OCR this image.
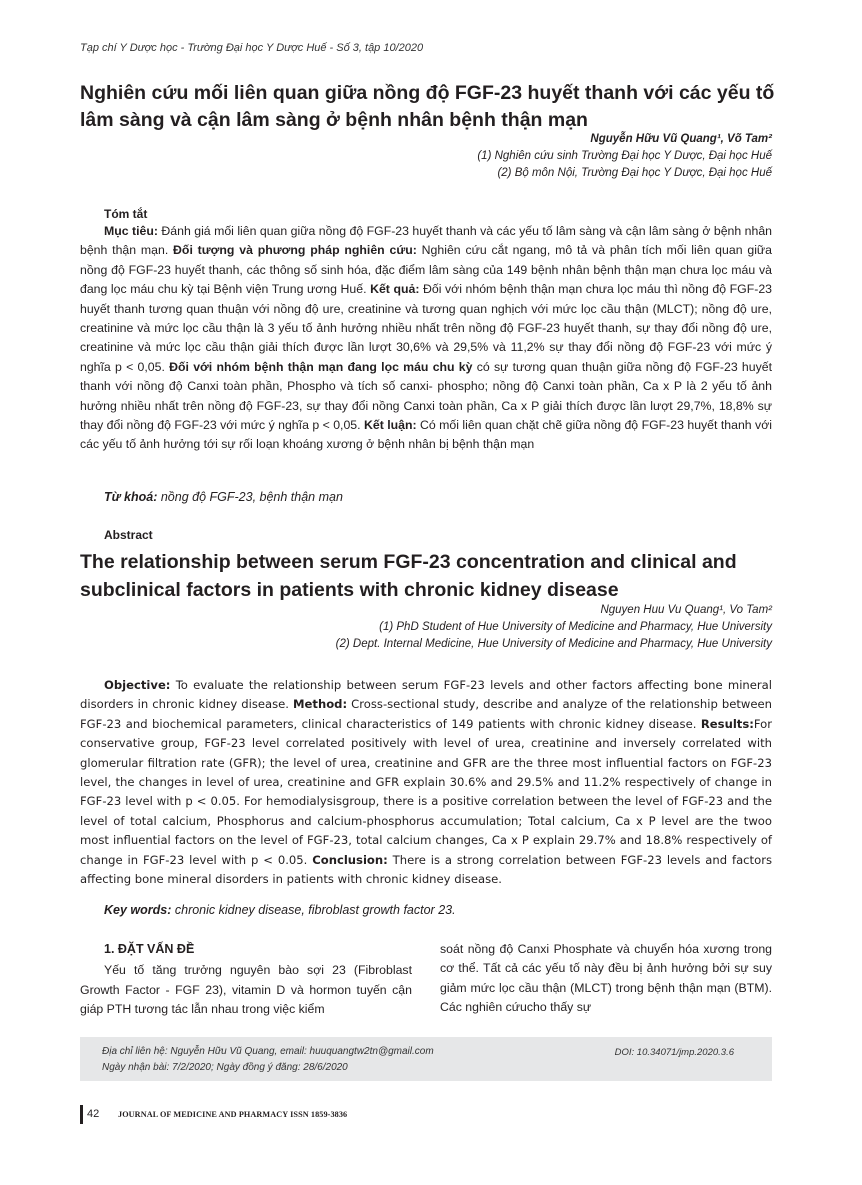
Tạp chí Y Dược học - Trường Đại học Y Dược Huế - Số 3, tập 10/2020
Nghiên cứu mối liên quan giữa nồng độ FGF-23 huyết thanh với các yếu tố lâm sàng và cận lâm sàng ở bệnh nhân bệnh thận mạn
Nguyễn Hữu Vũ Quang¹, Võ Tam²
(1) Nghiên cứu sinh Trường Đại học Y Dược, Đại học Huế
(2) Bộ môn Nội, Trường Đại học Y Dược, Đại học Huế
Tóm tắt
Mục tiêu: Đánh giá mối liên quan giữa nồng độ FGF-23 huyết thanh và các yếu tố lâm sàng và cận lâm sàng ở bệnh nhân bệnh thận mạn. Đối tượng và phương pháp nghiên cứu: Nghiên cứu cắt ngang, mô tả và phân tích mối liên quan giữa nồng độ FGF-23 huyết thanh, các thông số sinh hóa, đặc điểm lâm sàng của 149 bệnh nhân bệnh thận mạn chưa lọc máu và đang lọc máu chu kỳ tại Bệnh viện Trung ương Huế. Kết quả: Đối với nhóm bệnh thận mạn chưa lọc máu thì nồng độ FGF-23 huyết thanh tương quan thuận với nồng độ ure, creatinine và tương quan nghịch với mức lọc cầu thận (MLCT); nồng độ ure, creatinine và mức lọc cầu thận là 3 yếu tố ảnh hưởng nhiều nhất trên nồng độ FGF-23 huyết thanh, sự thay đổi nồng độ ure, creatinine và mức lọc cầu thận giải thích được lần lượt 30,6% và 29,5% và 11,2% sự thay đổi nồng độ FGF-23 với mức ý nghĩa p < 0,05. Đối với nhóm bệnh thận mạn đang lọc máu chu kỳ có sự tương quan thuận giữa nồng độ FGF-23 huyết thanh với nồng độ Canxi toàn phần, Phospho và tích số canxi- phospho; nồng độ Canxi toàn phần, Ca x P là 2 yếu tố ảnh hưởng nhiều nhất trên nồng độ FGF-23, sự thay đổi nồng Canxi toàn phần, Ca x P giải thích được lần lượt 29,7%, 18,8% sự thay đổi nồng độ FGF-23 với mức ý nghĩa p < 0,05. Kết luận: Có mối liên quan chặt chẽ giữa nồng độ FGF-23 huyết thanh với các yếu tố ảnh hưởng tới sự rối loạn khoáng xương ở bệnh nhân bị bệnh thận mạn
Từ khoá: nồng độ FGF-23, bệnh thận mạn
Abstract
The relationship between serum FGF-23 concentration and clinical and subclinical factors in patients with chronic kidney disease
Nguyen Huu Vu Quang¹, Vo Tam²
(1) PhD Student of Hue University of Medicine and Pharmacy, Hue University
(2) Dept. Internal Medicine, Hue University of Medicine and Pharmacy, Hue University
Objective: To evaluate the relationship between serum FGF-23 levels and other factors affecting bone mineral disorders in chronic kidney disease. Method: Cross-sectional study, describe and analyze of the relationship between FGF-23 and biochemical parameters, clinical characteristics of 149 patients with chronic kidney disease. Results:For conservative group, FGF-23 level correlated positively with level of urea, creatinine and inversely correlated with glomerular filtration rate (GFR); the level of urea, creatinine and GFR are the three most influential factors on FGF-23 level, the changes in level of urea, creatinine and GFR explain 30.6% and 29.5% and 11.2% respectively of change in FGF-23 level with p < 0.05. For hemodialysisgroup, there is a positive correlation between the level of FGF-23 and the level of total calcium, Phosphorus and calcium-phosphorus accumulation; Total calcium, Ca x P level are the twoo most influential factors on the level of FGF-23, total calcium changes, Ca x P explain 29.7% and 18.8% respectively of change in FGF-23 level with p < 0.05. Conclusion: There is a strong correlation between FGF-23 levels and factors affecting bone mineral disorders in patients with chronic kidney disease.
Key words: chronic kidney disease, fibroblast growth factor 23.
1. ĐẶT VẤN ĐỀ

Yếu tố tăng trưởng nguyên bào sợi 23 (Fibroblast Growth Factor - FGF 23), vitamin D và hormon tuyến cận giáp PTH tương tác lẫn nhau trong việc kiểm

soát nồng độ Canxi Phosphate và chuyển hóa xương trong cơ thể. Tất cả các yếu tố này đều bị ảnh hưởng bởi sự suy giảm mức lọc cầu thận (MLCT) trong bệnh thận mạn (BTM). Các nghiên cứucho thấy sự

Địa chỉ liên hệ: Nguyễn Hữu Vũ Quang, email: huuquangtw2tn@gmail.com
Ngày nhận bài: 7/2/2020; Ngày đồng ý đăng: 28/6/2020
DOI: 10.34071/jmp.2020.3.6
42 JOURNAL OF MEDICINE AND PHARMACY ISSN 1859-3836
